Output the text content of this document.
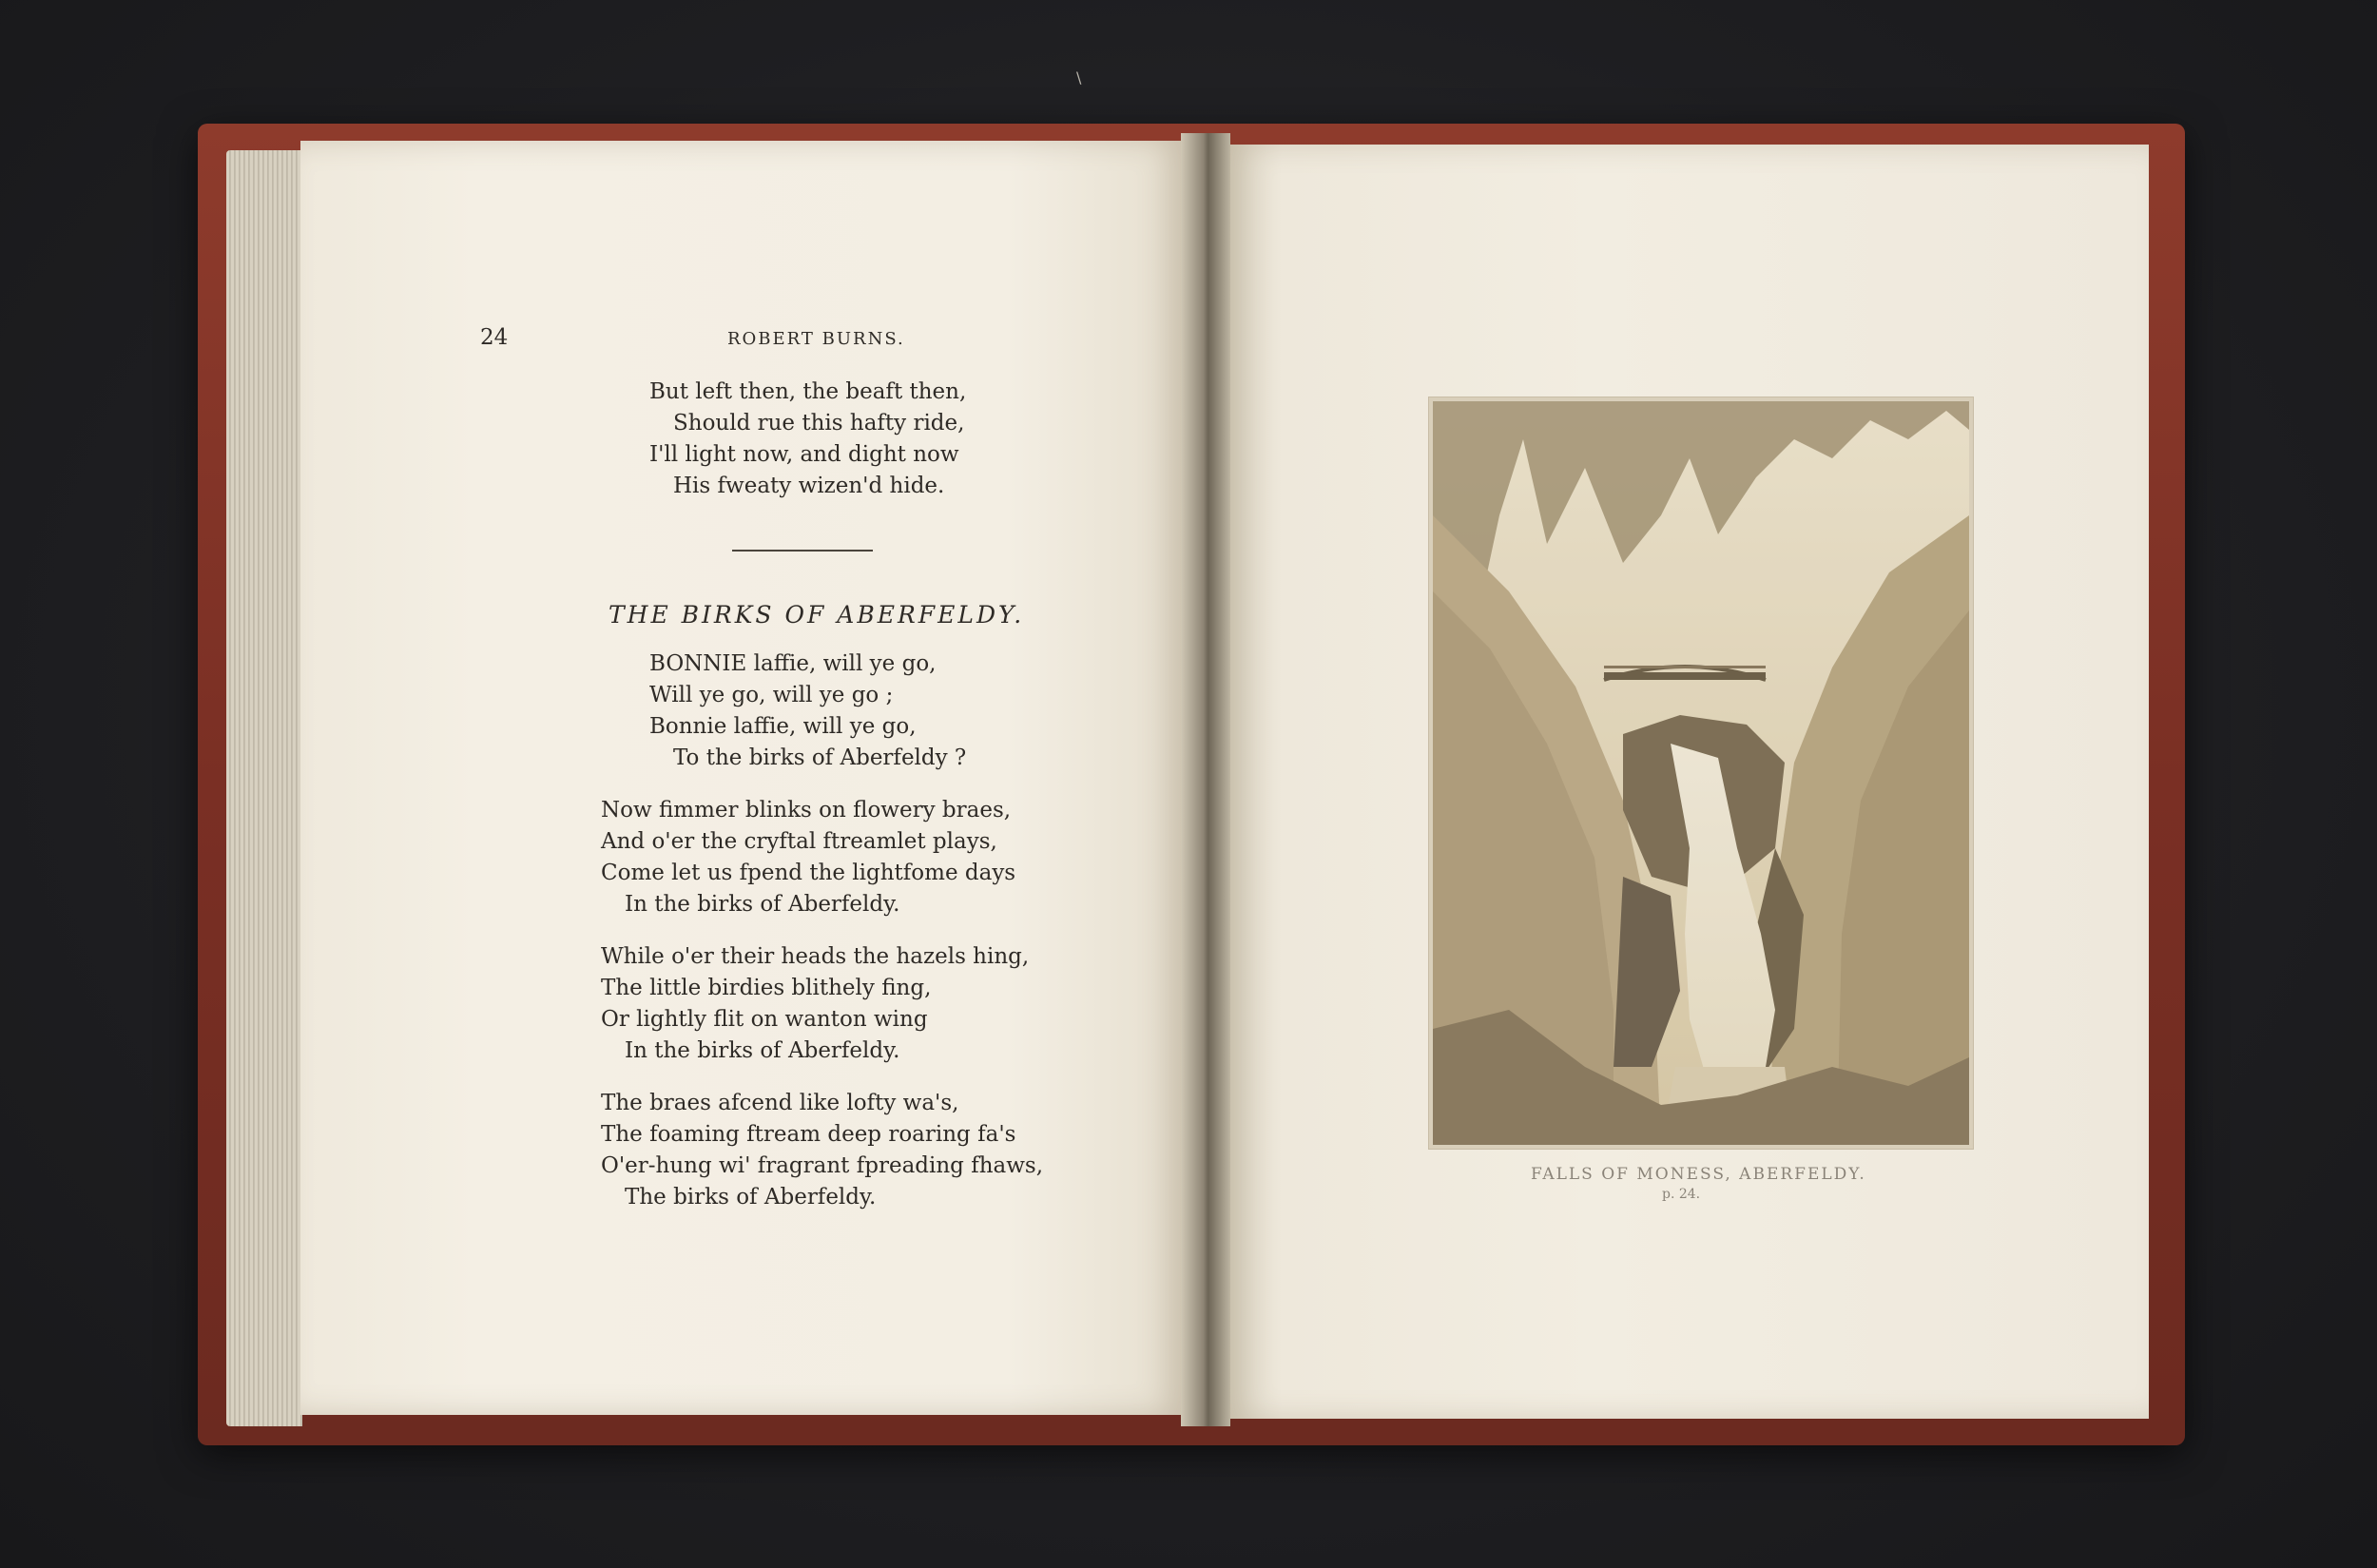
\
24	ROBERT BURNS.
But left then, the beaft then,
Should rue this hafty ride,
I'll light now, and dight now
His fweaty wizen'd hide.
THE BIRKS OF ABERFELDY.
BONNIE laffie, will ye go,
Will ye go, will ye go ;
Bonnie laffie, will ye go,
To the birks of Aberfeldy ?
Now fimmer blinks on flowery braes,
And o'er the cryftal ftreamlet plays,
Come let us fpend the lightfome days
In the birks of Aberfeldy.
While o'er their heads the hazels hing,
The little birdies blithely fing,
Or lightly flit on wanton wing
In the birks of Aberfeldy.
The braes afcend like lofty wa's,
The foaming ftream deep roaring fa's
O'er-hung wi' fragrant fpreading fhaws,
The birks of Aberfeldy.
FALLS OF MONESS, ABERFELDY.
p. 24.
